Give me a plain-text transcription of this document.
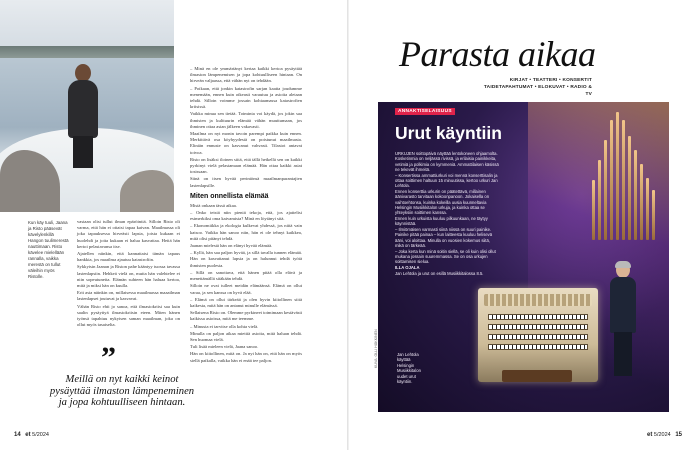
Kun käy tuuli, Jaana ja Risto pääsevät kävelylenkillä Hangon tuulimerestä nauttimaan. Risto kävelee mielellään rannalla, vaikka merestä on tullut väleihin myös Ristolle.

vastaan olisi tullut ilman epäröintiä. Silloin Risto oli varma, että hän ei ottaisi tapaa kaivan. Maailmassa oli joka tapauksessa hirveästi lapsia, joista kukaan ei huolehdi ja joita kukaan ei halua kasvattaa. Heitä hän kertoi pelastavansa itse.

Ajatellen niinkin, että kannattaisi tämän tapaus hankkia, jos maailma ajautuu katastrofiin.

Sykkyisin Jaanan ja Riston pahe kääntyy tuossa tavassa lastenlapsiin. Hehkeä vielä on, mutta hän valehtelee ei niin sopeutuneita. Elämän suhteen hän haluaa kertoa, mitä ja miksi hän on kuulla.

Erit asia näinkin on, millaisessa maailmassa maaailman lastenlapset joutuvat ja kasvavat.

Vähän Risto ehti jo sanoa, että ilmastokriisi saa kuin saalin pysäyttyä ilmastokriisin eteen. Miten hänen työnsä tapahtuu nykyisen saman maailman, joka on ollut myös tasaiselta.

– Minä en ole ymmärtänyt kertaa kaikki kertoa pysäyttää ilmaston lämpenemisen ja jopa kohtuulliseen hintaan. On hirveän valjaassa, että vähän nyt on tehdään.

– Poikaan, että jonkin katastrofin sarjan kaatta joudumme menemään, ennen kuin oikeasti varautuu ja asioita aletaan tehdä. Silloin voimme jossain kohtaamassa katastrofien kriisissä.

Vaikka minua sen tietää. Toiminta voi käydä, jos jokin saa ihmisten ja kulttuurin elämää vähän muuttumaan, jos ihminen ottaa asian jälkeen vakavasti.

Maailma on nyt monin tavoin parempi paikka kuin ennen. Merkittävä osa köyhyydestä on poistunut maailmasta. Eliniän ennuste on kasvanut vahvasti. Tilastot antavat toivoa.

Risto on lisäksi iloinen siitä, että tällä hetkellä sen on kaikki pyrkinyt vielä pelastamaan elämää. Hän ottaa kaikki asiat tosissaan.

Siinä on itsen hyvää perintönsä maailmanparantajien lastenlapsille.

Miten onnellista elämää

Mistä onkaan tässä aikaa.

– Onko teistä niin pieniä tekoja, että, jos ajattelisi esimerkiksi oma kaivamista? Minä en löytänyt sitä.

– Ekonomiikka ja ekologia kulkevat yhdessä, jos niitä vain katsoo. Vaikka hän sanoo niin, hän ei ole tehnyt kaikkea, mitä olisi pitänyt tehdä.

Jaanan mielestä hän on elänyt hyvää elämää.

– Kyllä, hän saa paljon hyvää, ja sillä tavalla tunnen elämää. Hän on kasvattanut lapsia ja on halunnut tehdä työtä ihmisten puolesta.

– Sillä on sanottava, että hänen pitää olla elävä ja menettämällä sitäkään tehdä.

Silloin ne ovat tulleet meidän elämäänsä. Elämä on ollut varaa, ja sen kanssa on hyvä elää.

– Elämä on ollut tärkeää ja olen hyvin kiitollinen siitä kaikesta, mitä hän on antanut minulle elämässä.

Sellaisena Risto on. Olemme pyrkineet toimimaan kestävästi kaikissa asioissa, mitä me teemme.

– Minusta ei tarvitse olla kohta vielä.

Minulla on paljon aikaa miettiä asioita, mitä haluan tehdä. Sen huomaa vielä.

Tuli lisää mieleen vielä, Jaana sanoo.

Hän on kiitollinen, mitä on. Ja nyt hän on, että hän on myös siellä paikalla, vaikka hän ei enää tee paljon.

”
Meillä on nyt kaikki keinot pysäyttää ilmaston lämpeneminen ja jopa kohtuulliseen hintaan.
14 et 5/2024
Parasta aikaa
KIRJAT • TEATTERI • KONSERTIT
TAIDETAPAHTUMAT • ELOKUVAT • RADIO & TV
ANNAKTISELAISUUS
Urut käyntiin

URKUJEN soittopäivä näyttää lentokoneen ohjaamolta. Kosketinmia on neljässä rivissä, ja erilaisia painikkeita, vetimiä ja polkimia on kymmeniä. Ammattilaisen käsissä ne tekevät ihmeitä.

– Konsertissa ammattiurkuri voi mennä konserttisalin ja ottaa soittimen haltuun 15 minuutissa, kertoo urkuri Jan Lehtola.

Ennen konserttia urkurin on päätettävä, millainen äänivarasto tarvitaan kokoonpanoon. Jokaisella on vaihtoehtonsa, kuinka kokeilla uusia kuunneltavia Helsingin Musiikkitalon urkuja, ja kuinka ottaa se yhteyksiin soittimen kanssa.

Ennen kuin urkuista kuuluu pilkuunkaan, ne täytyy käynnistää.

– Ilmiömäisen varmasti siinä niissä on suuri painike. Painike pitää painaa – kun laitteesta kuuluu helisevä ääni, voi aloittaa. Minulla on vuosien kokemus siitä, mikä on tärkeää.

– Joka kerta kun minä soitin siellä, se oli kuin olisi ollut mukana jossain suuremmassa. Se on osa urkujen soittamisen sielua.

ILLA OJALA

Jan Lehtola ja urut on esillä Musiikkitalossa 8.5.

Jan Lehtola käyttää Helsingin Musiikkitalon uudet urut käyntiin.
KUVA: OLLI HÄKKINEN
et 5/2024 15
